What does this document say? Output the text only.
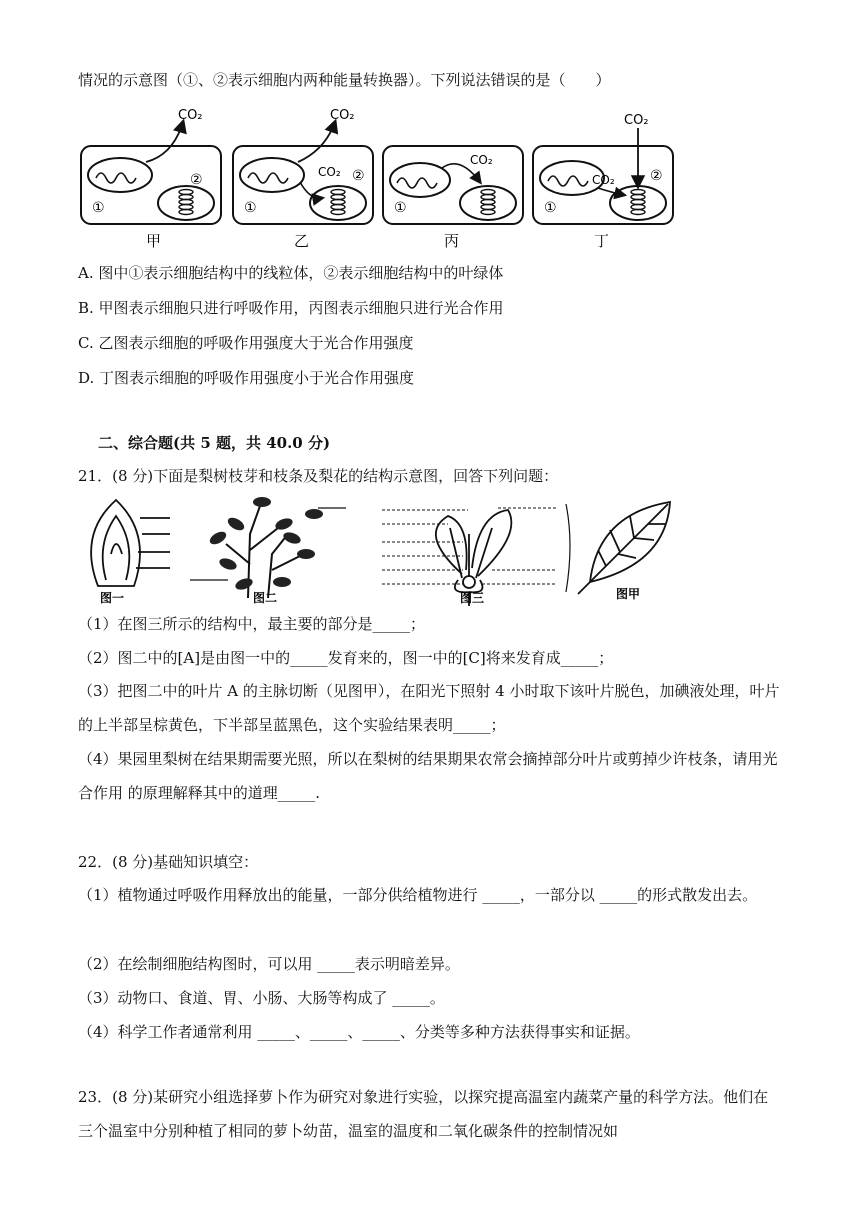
情况的示意图（①、②表示细胞内两种能量转换器）。下列说法错误的是（　　）
CO₂
①
②
甲
CO₂
CO₂
①
②
乙
CO₂
①
丙
CO₂
CO₂
①
②
丁
A. 图中①表示细胞结构中的线粒体，②表示细胞结构中的叶绿体
B. 甲图表示细胞只进行呼吸作用，丙图表示细胞只进行光合作用
C. 乙图表示细胞的呼吸作用强度大于光合作用强度
D. 丁图表示细胞的呼吸作用强度小于光合作用强度
二、综合题(共 5 题，共 40.0 分)
21．(8 分)下面是梨树枝芽和枝条及梨花的结构示意图，回答下列问题：
图一	图二	图三	图甲
（1）在图三所示的结构中，最主要的部分是_____；
（2）图二中的[A]是由图一中的_____发育来的，图一中的[C]将来发育成_____；
（3）把图二中的叶片 A 的主脉切断（见图甲），在阳光下照射 4 小时取下该叶片脱色，加碘液处理，叶片的上半部呈棕黄色，下半部呈蓝黑色，这个实验结果表明_____；
（4）果园里梨树在结果期需要光照，所以在梨树的结果期果农常会摘掉部分叶片或剪掉少许枝条，请用光合作用 的原理解释其中的道理_____.
22．(8 分)基础知识填空：
（1）植物通过呼吸作用释放出的能量，一部分供给植物进行 _____，一部分以 _____的形式散发出去。
（2）在绘制细胞结构图时，可以用 _____表示明暗差异。
（3）动物口、食道、胃、小肠、大肠等构成了 _____。
（4）科学工作者通常利用 _____、_____、_____、分类等多种方法获得事实和证据。
23．(8 分)某研究小组选择萝卜作为研究对象进行实验，以探究提高温室内蔬菜产量的科学方法。他们在三个温室中分别种植了相同的萝卜幼苗，温室的温度和二氧化碳条件的控制情况如
